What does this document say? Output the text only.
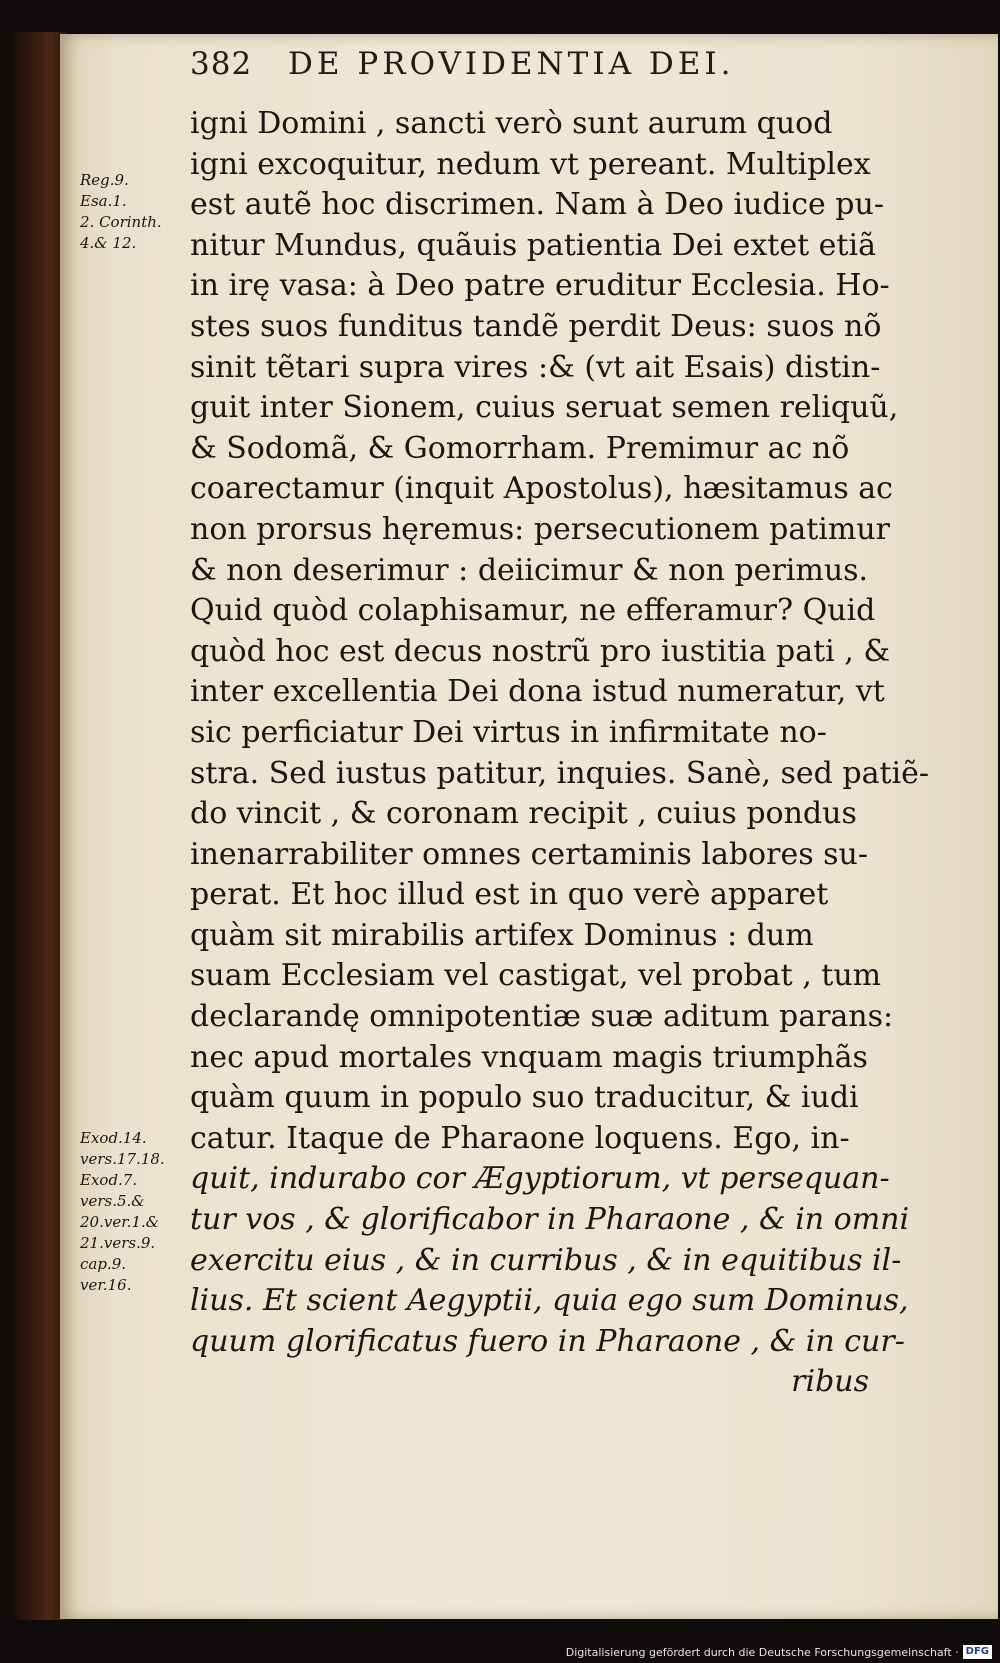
382 DE PROVIDENTIA DEI.
Reg.9.
Esa.1.
2. Corinth.
4.& 12.
Exod.14.
vers.17.18.
Exod.7.
vers.5.&
20.ver.1.&
21.vers.9.
cap.9.
ver.16.
igni Domini , sancti verò sunt aurum quod
igni excoquitur, nedum vt pereant. Multiplex
est autẽ hoc discrimen. Nam à Deo iudice pu-
nitur Mundus, quãuis patientia Dei extet etiã
in irę vasa: à Deo patre eruditur Ecclesia. Ho-
stes suos funditus tandẽ perdit Deus: suos nõ
sinit tẽtari supra vires :& (vt ait Esais) distin-
guit inter Sionem, cuius seruat semen reliquũ,
& Sodomã, & Gomorrham. Premimur ac nõ
coarectamur (inquit Apostolus), hæsitamus ac
non prorsus hęremus: persecutionem patimur
& non deserimur : deiicimur & non perimus.
Quid quòd colaphisamur, ne efferamur? Quid
quòd hoc est decus nostrũ pro iustitia pati , &
inter excellentia Dei dona istud numeratur, vt
sic perficiatur Dei virtus in infirmitate no-
stra. Sed iustus patitur, inquies. Sanè, sed patiẽ-
do vincit , & coronam recipit , cuius pondus
inenarrabiliter omnes certaminis labores su-
perat. Et hoc illud est in quo verè apparet
quàm sit mirabilis artifex Dominus : dum
suam Ecclesiam vel castigat, vel probat , tum
declarandę omnipotentiæ suæ aditum parans:
nec apud mortales vnquam magis triumphãs
quàm quum in populo suo traducitur, & iudi
catur. Itaque de Pharaone loquens. Ego, in-
quit, indurabo cor Ægyptiorum, vt persequan-
tur vos , & glorificabor in Pharaone , & in omni
exercitu eius , & in curribus , & in equitibus il-
lius. Et scient Aegyptii, quia ego sum Dominus,
quum glorificatus fuero in Pharaone , & in cur-
ribus
Digitalisierung gefördert durch die Deutsche Forschungsgemeinschaft · DFG
